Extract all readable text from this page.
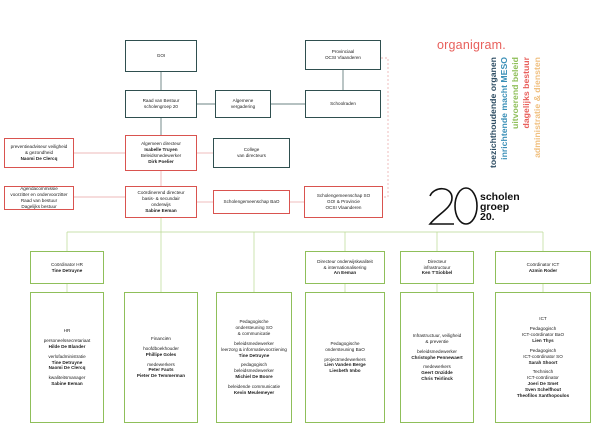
organigram.
toezichthoudende organen inrichtende macht MESO uitvoerend beleid dagelijks bestuur administratie & diensten
scholen
groep
20.
GOI
Provinciaal
OCSI Vlaanderen
Raad van Bestuur
scholengroep 20
Algemene
vergadering
Schoolraden
preventieadviseur veiligheid
& gezondheid
Naomi De Clercq
Algemeen directeur
Isabelle Truyen
Beleidsmedewerker
Dirk Poelier
College
van directeurs
Agendacommissie
voorzitter en ondervoorzitter
Raad van bestuur
Dagelijks bestuur
Coördinerend directeur
basis- & secundair
onderwijs
Sabine Eeman
Scholengemeenschap BaO
Scholengemeenschap SO
GO! & Provincie
OCSI Vlaanderen
Coördinator HR
Tine Detruyne
Directeur onderwijskwaliteit
& internationalisering
An Eeman
Directeur
infrastructuur
Ken T'Siobbel
Coördinator ICT
Azmin Roder
HR
personeelssecretariaat
Hilde De Blander
verlofadministratie
Tine Detruyne
Naomi De Clercq
kwaliteitsmanager
Sabine Eeman
Financiën
hoofdboekhouder
Phillipe Goles
medewerkers
Peter Fauts
Pieter De Temmerman
Pedagogische
ondersteuning SO
& communicatie
beleidsmedewerker
leerzorg & informatievoorziening
Tine Detruyne
pedagogisch
beleidsmedewerker
Michiel De Boore
beleidende communicatie
Kevin Meulemeyer
Pedagogische
ondersteuning BaO
projectmedewerkers
Lien Vanden Berge
Liesbeth Imbo
Infrastructuur, veiligheid
& preventie
beleidsmedewerker
Christophe Pennewaert
medewerkers
Geert Onzidde
Chris Teirlinck
ICT
Pedagogisch
ICT-coördinator BaO
Lien Thys
Pedagogisch
ICT-coördinator SO
Sarah Shoort
Technisch
ICT-coördinator
Joeri De Smet
Sven Schelfhout
Theofilos Xanthopoulos
